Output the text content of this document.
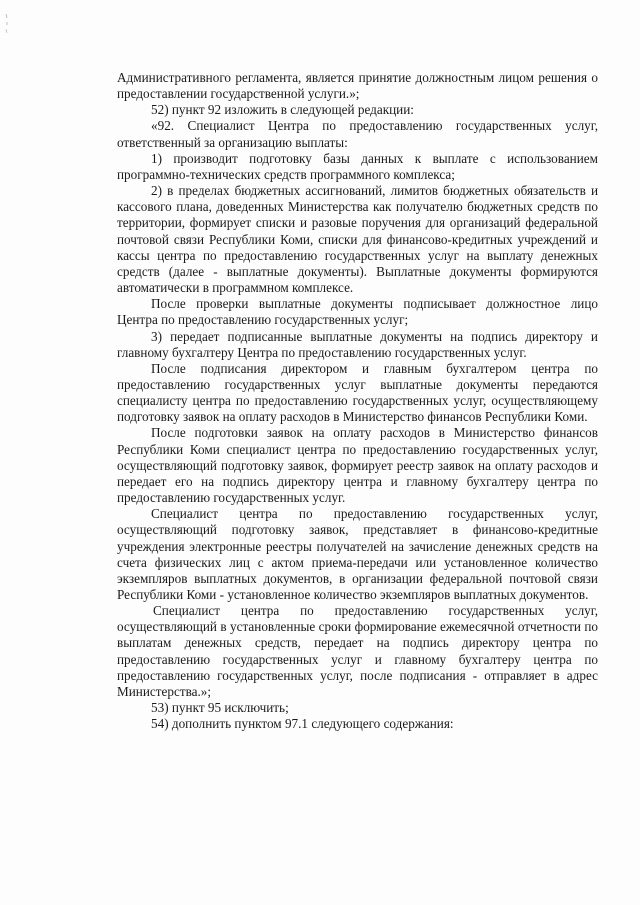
Административного регламента, является принятие должностным лицом решения о предоставлении государственной услуги.»;

52) пункт 92 изложить в следующей редакции:

«92. Специалист Центра по предоставлению государственных услуг, ответственный за организацию выплаты:

1) производит подготовку базы данных к выплате с использованием программно-технических средств программного комплекса;

2) в пределах бюджетных ассигнований, лимитов бюджетных обязательств и кассового плана, доведенных Министерства как получателю бюджетных средств по территории, формирует списки и разовые поручения для организаций федеральной почтовой связи Республики Коми, списки для финансово-кредитных учреждений и кассы центра по предоставлению государственных услуг на выплату денежных средств (далее - выплатные документы). Выплатные документы формируются автоматически в программном комплексе.

После проверки выплатные документы подписывает должностное лицо Центра по предоставлению государственных услуг;

3) передает подписанные выплатные документы на подпись директору и главному бухгалтеру Центра по предоставлению государственных услуг.

После подписания директором и главным бухгалтером центра по предоставлению государственных услуг выплатные документы передаются специалисту центра по предоставлению государственных услуг, осуществляющему подготовку заявок на оплату расходов в Министерство финансов Республики Коми.

После подготовки заявок на оплату расходов в Министерство финансов Республики Коми специалист центра по предоставлению государственных услуг, осуществляющий подготовку заявок, формирует реестр заявок на оплату расходов и передает его на подпись директору центра и главному бухгалтеру центра по предоставлению государственных услуг.

Специалист центра по предоставлению государственных услуг, осуществляющий подготовку заявок, представляет в финансово-кредитные учреждения электронные реестры получателей на зачисление денежных средств на счета физических лиц с актом приема-передачи или установленное количество экземпляров выплатных документов, в организации федеральной почтовой связи Республики Коми - установленное количество экземпляров выплатных документов.

Специалист центра по предоставлению государственных услуг, осуществляющий в установленные сроки формирование ежемесячной отчетности по выплатам денежных средств, передает на подпись директору центра по предоставлению государственных услуг и главному бухгалтеру центра по предоставлению государственных услуг, после подписания - отправляет в адрес Министерства.»;

53) пункт 95 исключить;

54) дополнить пунктом 97.1 следующего содержания:
